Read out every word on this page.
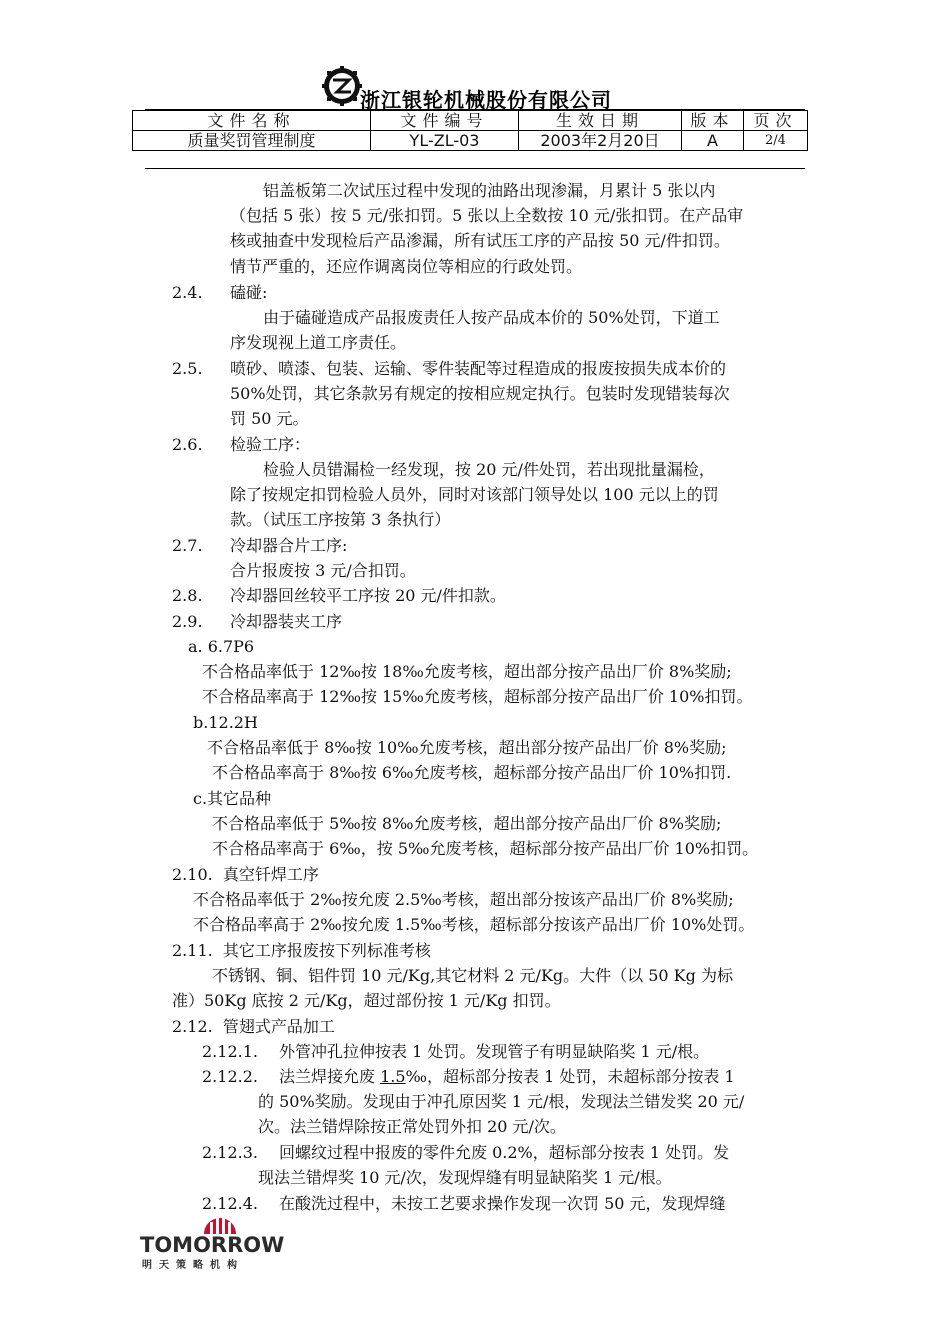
浙江银轮机械股份有限公司
文件名称	文件编号	生效日期	版本	页次
质量奖罚管理制度	YL-ZL-03	2003年2月20日	A	2/4
铝盖板第二次试压过程中发现的油路出现渗漏，月累计 5 张以内
（包括 5 张）按 5 元/张扣罚。5 张以上全数按 10 元/张扣罚。在产品审
核或抽查中发现检后产品渗漏，所有试压工序的产品按 50 元/件扣罚。
情节严重的，还应作调离岗位等相应的行政处罚。
2.4. 磕碰:
由于磕碰造成产品报废责任人按产品成本价的 50%处罚，下道工
序发现视上道工序责任。
2.5. 喷砂、喷漆、包装、运输、零件装配等过程造成的报废按损失成本价的
50%处罚，其它条款另有规定的按相应规定执行。包装时发现错装每次
罚 50 元。
2.6. 检验工序：
检验人员错漏检一经发现，按 20 元/件处罚，若出现批量漏检，
除了按规定扣罚检验人员外，同时对该部门领导处以 100 元以上的罚
款。（试压工序按第 3 条执行）
2.7. 冷却器合片工序:
合片报废按 3 元/合扣罚。
2.8. 冷却器回丝较平工序按 20 元/件扣款。
2.9. 冷却器装夹工序
a. 6.7P6
不合格品率低于 12‰按 18‰允废考核，超出部分按产品出厂价 8%奖励;
不合格品率高于 12‰按 15‰允废考核，超标部分按产品出厂价 10%扣罚。
b.12.2H
不合格品率低于 8‰按 10‰允废考核，超出部分按产品出厂价 8%奖励;
不合格品率高于 8‰按 6‰允废考核，超标部分按产品出厂价 10%扣罚.
c.其它品种
不合格品率低于 5‰按 8‰允废考核，超出部分按产品出厂价 8%奖励;
不合格品率高于 6‰，按 5‰允废考核，超标部分按产品出厂价 10%扣罚。
2.10.  真空钎焊工序
不合格品率低于 2‰按允废 2.5‰考核，超出部分按该产品出厂价 8%奖励;
不合格品率高于 2‰按允废 1.5‰考核，超标部分按该产品出厂价 10%处罚。
2.11.  其它工序报废按下列标准考核
不锈钢、铜、铝件罚 10 元/Kg,其它材料 2 元/Kg。大件（以 50 Kg 为标
准）50Kg 底按 2 元/Kg，超过部份按 1 元/Kg 扣罚。
2.12.  管翅式产品加工
2.12.1. 外管冲孔拉伸按表 1 处罚。发现管子有明显缺陷奖 1 元/根。
2.12.2. 法兰焊接允废 1.5‰，超标部分按表 1 处罚，未超标部分按表 1
的 50%奖励。发现由于冲孔原因奖 1 元/根，发现法兰错发奖 20 元/
次。法兰错焊除按正常处罚外扣 20 元/次。
2.12.3. 回螺纹过程中报废的零件允废 0.2%，超标部分按表 1 处罚。发
现法兰错焊奖 10 元/次，发现焊缝有明显缺陷奖 1 元/根。
2.12.4. 在酸洗过程中，未按工艺要求操作发现一次罚 50 元，发现焊缝
TOMORROW
明天策略机构
